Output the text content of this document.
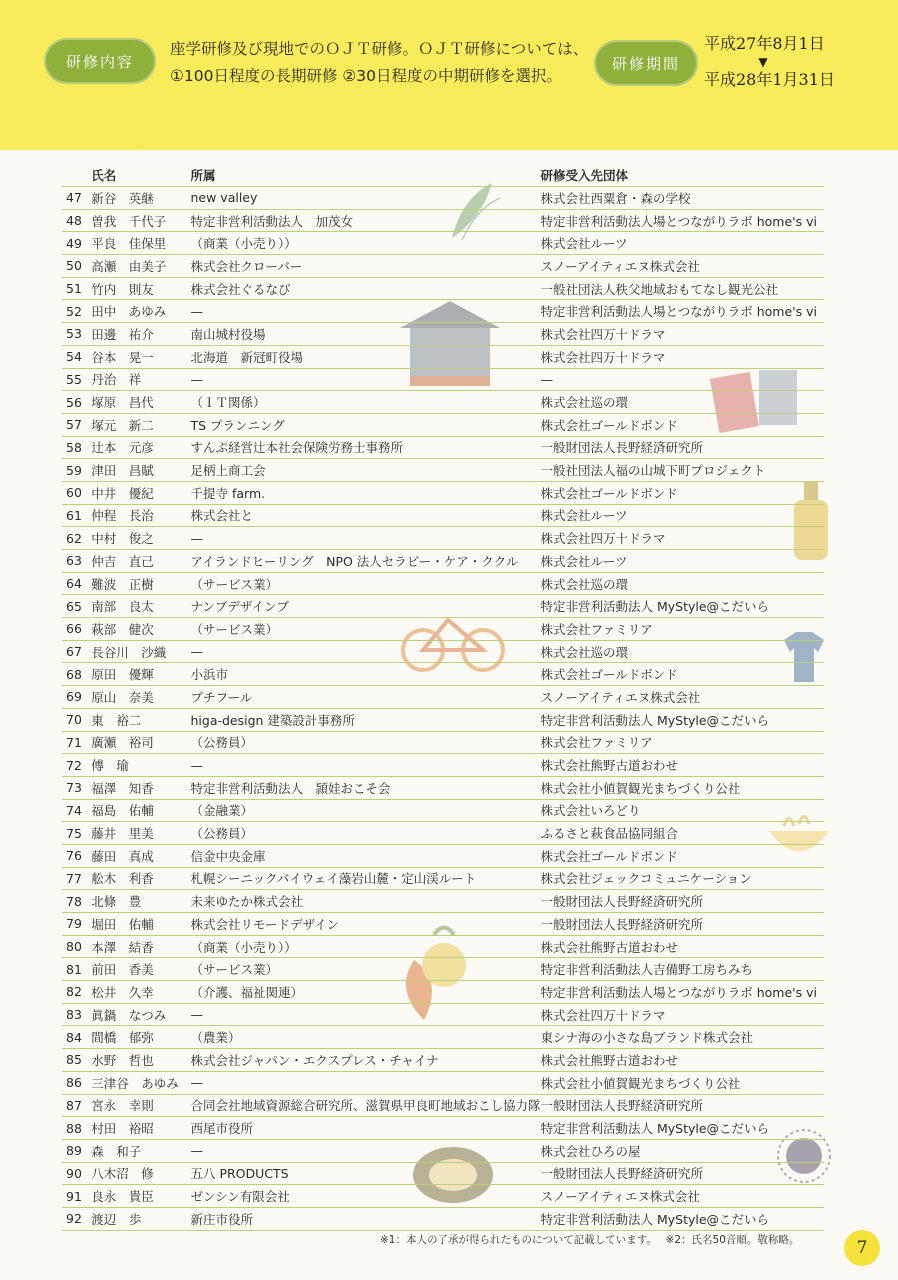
研修内容
座学研修及び現地でのＯＪＴ研修。ＯＪＴ研修については、
①100日程度の長期研修 ②30日程度の中期研修を選択。
研修期間
平成27年8月1日
▼
平成28年1月31日
	氏名	所属	研修受入先団体
47	新谷　英継	new valley	株式会社西粟倉・森の学校
48	曽我　千代子	特定非営利活動法人　加茂女	特定非営利活動法人場とつながりラボ home's vi
49	平良　佳保里	（商業（小売り））	株式会社ルーツ
50	高瀬　由美子	株式会社クローバー	スノーアイティエヌ株式会社
51	竹内　則友	株式会社ぐるなび	一般社団法人秩父地域おもてなし観光公社
52	田中　あゆみ	—	特定非営利活動法人場とつながりラボ home's vi
53	田邊　祐介	南山城村役場	株式会社四万十ドラマ
54	谷本　晃一	北海道　新冠町役場	株式会社四万十ドラマ
55	丹治　祥	—	—
56	塚原　昌代	（ＩＴ関係）	株式会社巡の環
57	塚元　新二	TS プランニング	株式会社ゴールドボンド
58	辻本　元彦	すんぷ経営辻本社会保険労務士事務所	一般財団法人長野経済研究所
59	津田　昌賦	足柄上商工会	一般社団法人福の山城下町プロジェクト
60	中井　優紀	千提寺 farm.	株式会社ゴールドボンド
61	仲程　長治	株式会社と	株式会社ルーツ
62	中村　俊之	—	株式会社四万十ドラマ
63	仲吉　直己	アイランドヒーリング　NPO 法人セラピー・ケア・ククル	株式会社ルーツ
64	難波　正樹	（サービス業）	株式会社巡の環
65	南部　良太	ナンブデザインブ	特定非営利活動法人 MyStyle@こだいら
66	萩部　健次	（サービス業）	株式会社ファミリア
67	長谷川　沙織	—	株式会社巡の環
68	原田　優輝	小浜市	株式会社ゴールドボンド
69	原山　奈美	プチフール	スノーアイティエヌ株式会社
70	東　裕二	higa-design 建築設計事務所	特定非営利活動法人 MyStyle@こだいら
71	廣瀬　裕司	（公務員）	株式会社ファミリア
72	傅　瑜	—	株式会社熊野古道おわせ
73	福澤　知香	特定非営利活動法人　頴娃おこそ会	株式会社小値賀観光まちづくり公社
74	福島　佑輔	（金融業）	株式会社いろどり
75	藤井　里美	（公務員）	ふるさと萩食品協同組合
76	藤田　真成	信金中央金庫	株式会社ゴールドボンド
77	舩木　利香	札幌シーニックバイウェイ藻岩山麓・定山渓ルート	株式会社ジェックコミュニケーション
78	北條　豊	未来ゆたか株式会社	一般財団法人長野経済研究所
79	堀田　佑輔	株式会社リモードデザイン	一般財団法人長野経済研究所
80	本澤　結香	（商業（小売り））	株式会社熊野古道おわせ
81	前田　香美	（サービス業）	特定非営利活動法人吉備野工房ちみち
82	松井　久幸	（介護、福祉関連）	特定非営利活動法人場とつながりラボ home's vi
83	眞鍋　なつみ	—	株式会社四万十ドラマ
84	間橋　郁弥	（農業）	東シナ海の小さな島ブランド株式会社
85	水野　哲也	株式会社ジャパン・エクスプレス・チャイナ	株式会社熊野古道おわせ
86	三津谷　あゆみ	—	株式会社小値賀観光まちづくり公社
87	宮永　幸則	合同会社地域資源総合研究所、滋賀県甲良町地域おこし協力隊	一般財団法人長野経済研究所
88	村田　裕昭	西尾市役所	特定非営利活動法人 MyStyle@こだいら
89	森　和子	—	株式会社ひろの屋
90	八木沼　修	五八 PRODUCTS	一般財団法人長野経済研究所
91	良永　貴臣	ゼンシン有限会社	スノーアイティエヌ株式会社
92	渡辺　歩	新庄市役所	特定非営利活動法人 MyStyle@こだいら
※1：本人の了承が得られたものについて記載しています。　 ※2：氏名50音順。敬称略。	7
